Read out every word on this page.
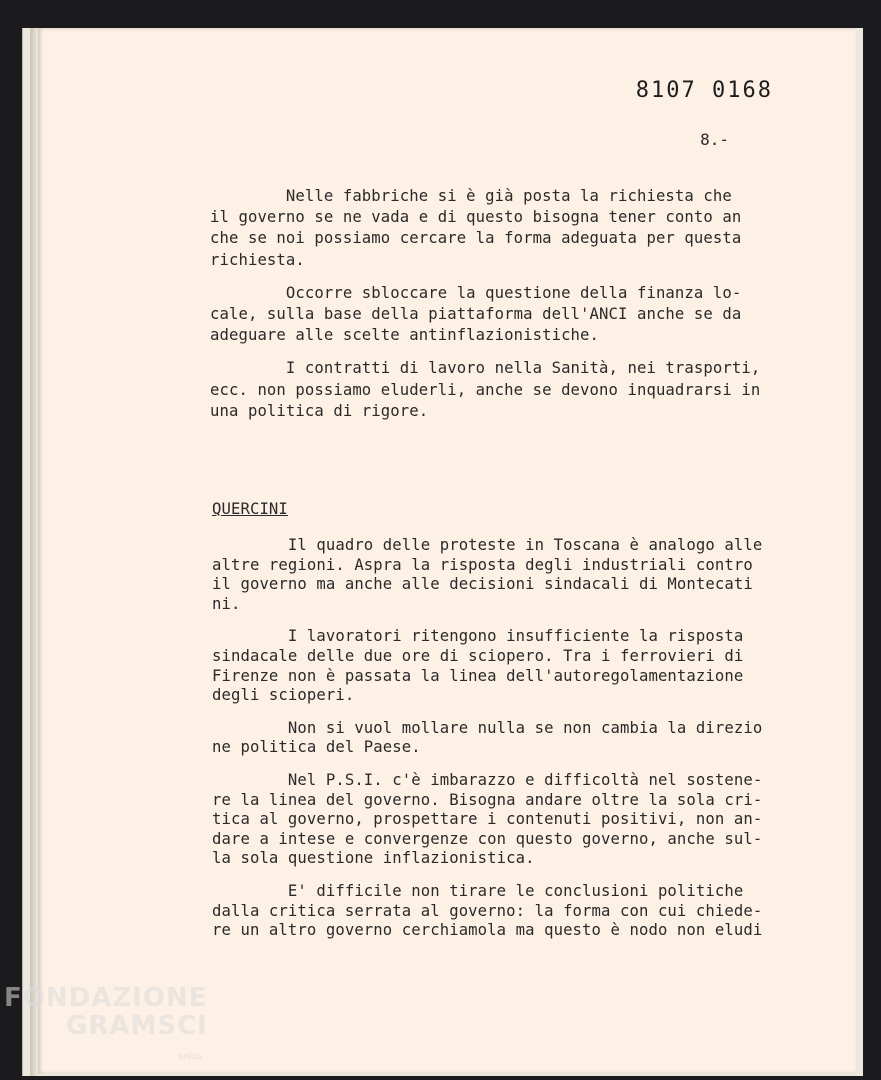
8107 0168
8.-
Nelle fabbriche si è già posta la richiesta che
il governo se ne vada e di questo bisogna tener conto an
che se noi possiamo cercare la forma adeguata per questa
richiesta.
Occorre sbloccare la questione della finanza lo-
cale, sulla base della piattaforma dell'ANCI anche se da
adeguare alle scelte antinflazionistiche.
I contratti di lavoro nella Sanità, nei trasporti,
ecc. non possiamo eluderli, anche se devono inquadrarsi in
una politica di rigore.
QUERCINI
Il quadro delle proteste in Toscana è analogo alle
altre regioni. Aspra la risposta degli industriali contro
il governo ma anche alle decisioni sindacali di Montecati
ni.
I lavoratori ritengono insufficiente la risposta
sindacale delle due ore di sciopero. Tra i ferrovieri di
Firenze non è passata la linea dell'autoregolamentazione
degli scioperi.
Non si vuol mollare nulla se non cambia la direzio
ne politica del Paese.
Nel P.S.I. c'è imbarazzo e difficoltà nel sostene-
re la linea del governo. Bisogna andare oltre la sola cri-
tica al governo, prospettare i contenuti positivi, non an-
dare a intese e convergenze con questo governo, anche sul-
la sola questione inflazionistica.
E' difficile non tirare le conclusioni politiche
dalla critica serrata al governo: la forma con cui chiede-
re un altro governo cerchiamola ma questo è nodo non eludi
FONDAZIONE
GRAMSCI
onlus
